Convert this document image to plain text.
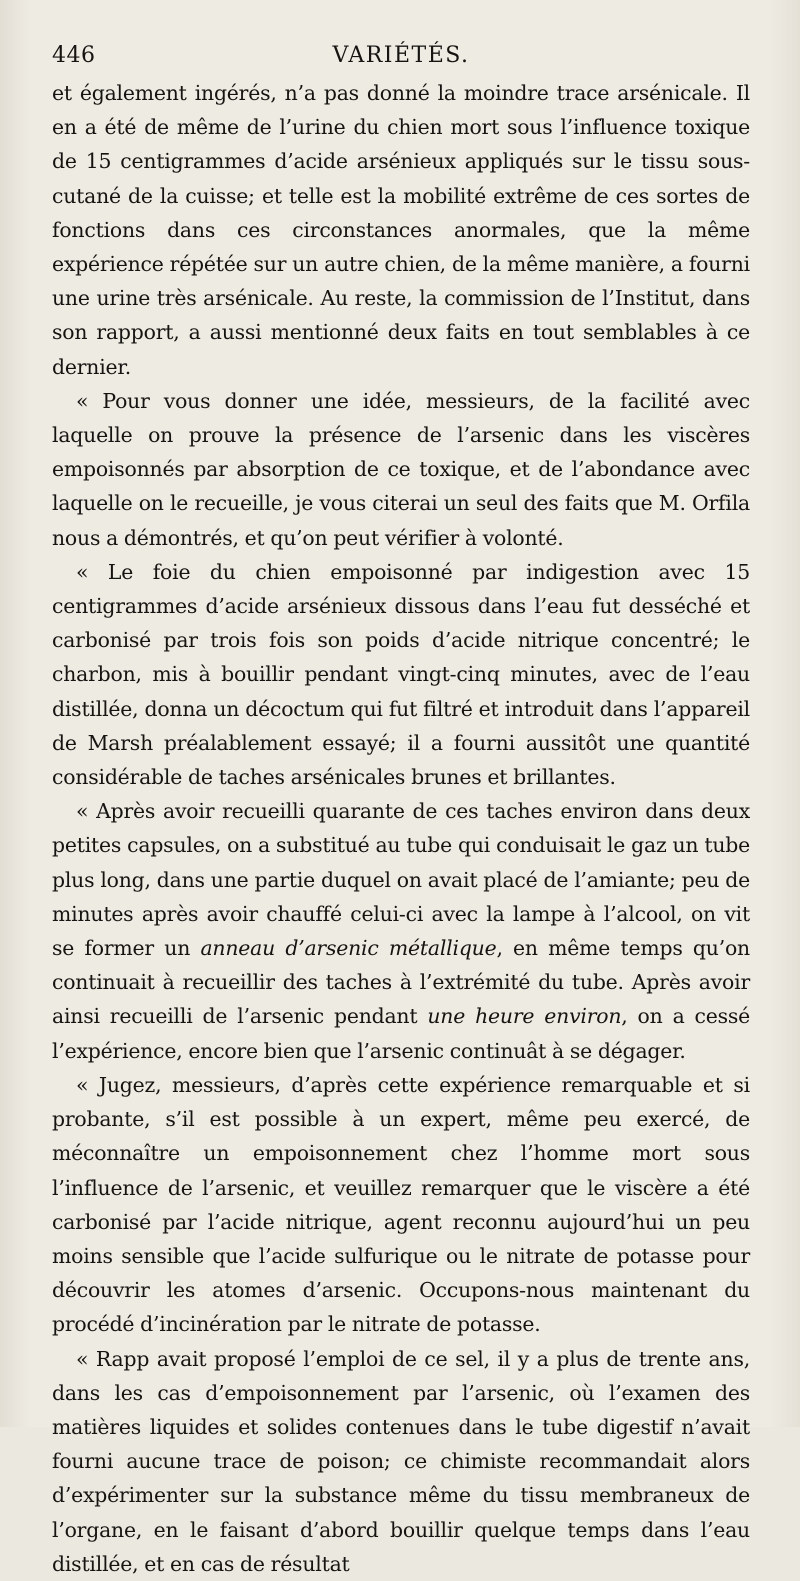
446	VARIÉTÉS.

et également ingérés, n’a pas donné la moindre trace arsénicale. Il en a été de même de l’urine du chien mort sous l’influence toxique de 15 centigrammes d’acide arsénieux appliqués sur le tissu sous-cutané de la cuisse; et telle est la mobilité extrême de ces sortes de fonctions dans ces circonstances anormales, que la même expérience répétée sur un autre chien, de la même manière, a fourni une urine très arsénicale. Au reste, la commission de l’Institut, dans son rapport, a aussi mentionné deux faits en tout semblables à ce dernier.

« Pour vous donner une idée, messieurs, de la facilité avec laquelle on prouve la présence de l’arsenic dans les viscères empoisonnés par absorption de ce toxique, et de l’abondance avec laquelle on le recueille, je vous citerai un seul des faits que M. Orfila nous a démontrés, et qu’on peut vérifier à volonté.

« Le foie du chien empoisonné par indigestion avec 15 centigrammes d’acide arsénieux dissous dans l’eau fut desséché et carbonisé par trois fois son poids d’acide nitrique concentré; le charbon, mis à bouillir pendant vingt-cinq minutes, avec de l’eau distillée, donna un décoctum qui fut filtré et introduit dans l’appareil de Marsh préalablement essayé; il a fourni aussitôt une quantité considérable de taches arsénicales brunes et brillantes.

« Après avoir recueilli quarante de ces taches environ dans deux petites capsules, on a substitué au tube qui conduisait le gaz un tube plus long, dans une partie duquel on avait placé de l’amiante; peu de minutes après avoir chauffé celui-ci avec la lampe à l’alcool, on vit se former un anneau d’arsenic métallique, en même temps qu’on continuait à recueillir des taches à l’extrémité du tube. Après avoir ainsi recueilli de l’arsenic pendant une heure environ, on a cessé l’expérience, encore bien que l’arsenic continuât à se dégager.

« Jugez, messieurs, d’après cette expérience remarquable et si probante, s’il est possible à un expert, même peu exercé, de méconnaître un empoisonnement chez l’homme mort sous l’influence de l’arsenic, et veuillez remarquer que le viscère a été carbonisé par l’acide nitrique, agent reconnu aujourd’hui un peu moins sensible que l’acide sulfurique ou le nitrate de potasse pour découvrir les atomes d’arsenic. Occupons-nous maintenant du procédé d’incinération par le nitrate de potasse.

« Rapp avait proposé l’emploi de ce sel, il y a plus de trente ans, dans les cas d’empoisonnement par l’arsenic, où l’examen des matières liquides et solides contenues dans le tube digestif n’avait fourni aucune trace de poison; ce chimiste recommandait alors d’expérimenter sur la substance même du tissu membraneux de l’organe, en le faisant d’abord bouillir quelque temps dans l’eau distillée, et en cas de résultat
